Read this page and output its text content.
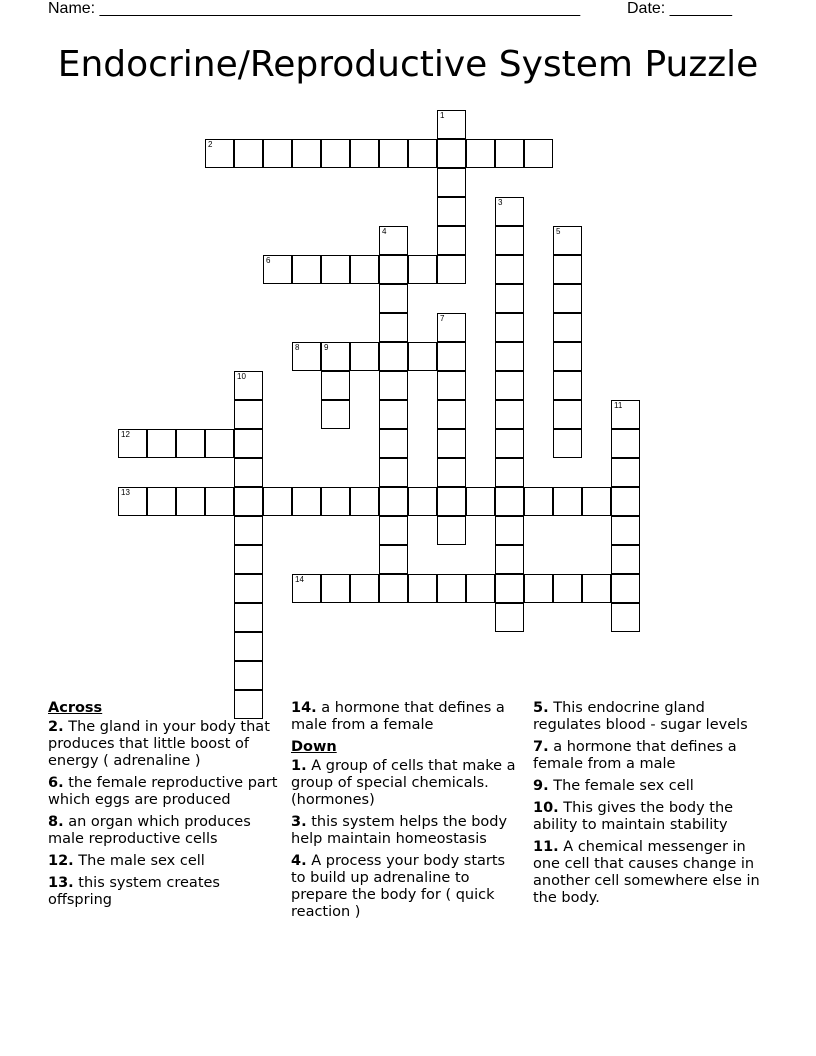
Name: ______________________________________________________	Date: _______
Endocrine/Reproductive System Puzzle
1
2
3
4	5
6
7
8	9
10
11
12
13
14
Across
2. The gland in your body that produces that little boost of energy ( adrenaline )
6. the female reproductive part which eggs are produced
8. an organ which produces male reproductive cells
12. The male sex cell
13. this system creates offspring
14. a hormone that defines a male from a female
Down
1. A group of cells that make a group of special chemicals. (hormones)
3. this system helps the body help maintain homeostasis
4. A process your body starts to build up adrenaline to prepare the body for ( quick reaction )
5. This endocrine gland regulates blood - sugar levels
7. a hormone that defines a female from a male
9. The female sex cell
10. This gives the body the ability to maintain stability
11. A chemical messenger in one cell that causes change in another cell somewhere else in the body.
